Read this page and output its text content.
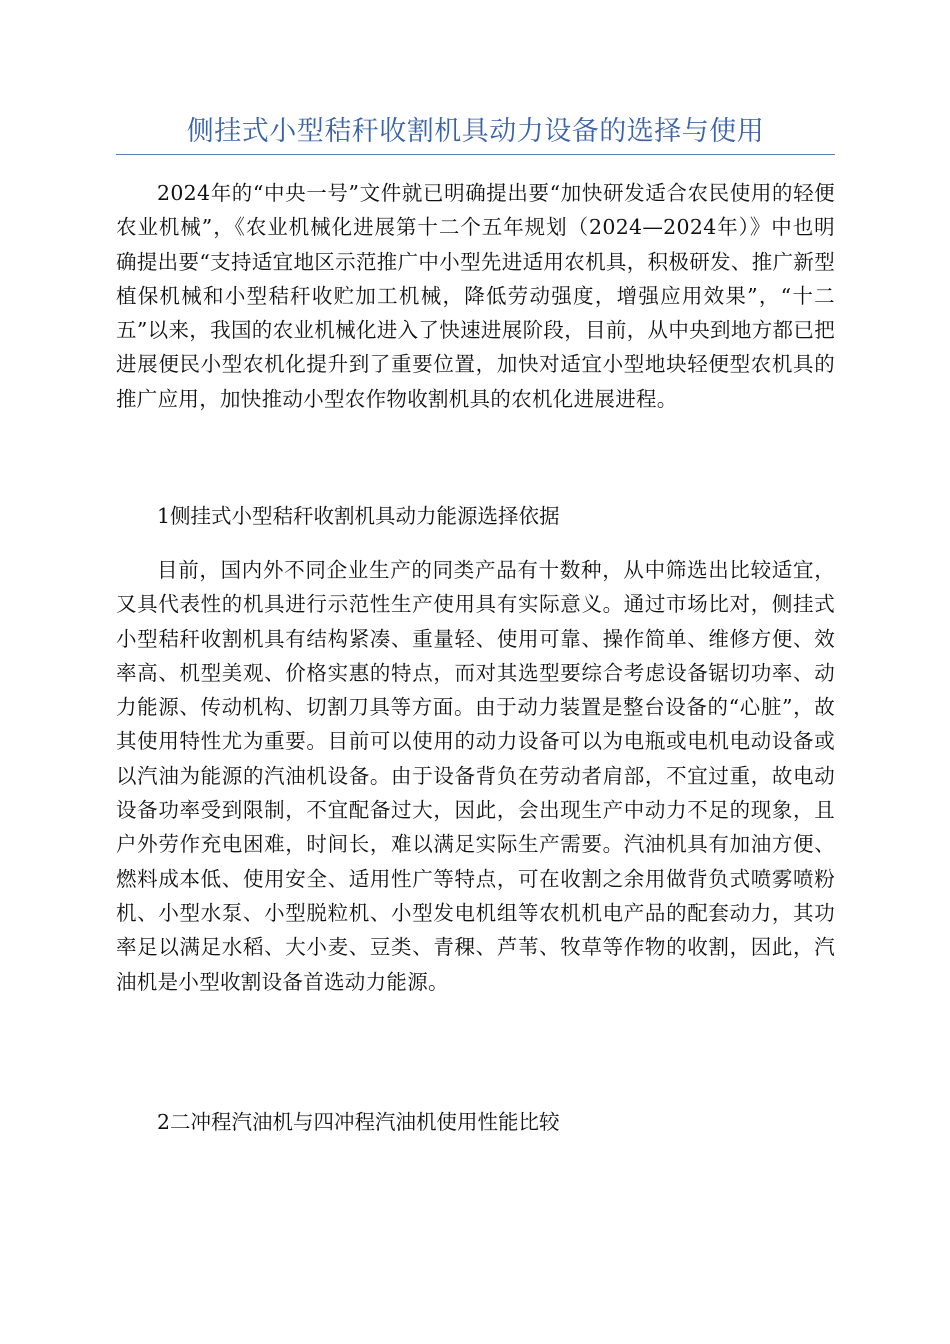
侧挂式小型秸秆收割机具动力设备的选择与使用

2024年的“中央一号”文件就已明确提出要“加快研发适合农民使用的轻便农业机械”，《农业机械化进展第十二个五年规划（2024—2024年）》中也明确提出要“支持适宜地区示范推广中小型先进适用农机具，积极研发、推广新型植保机械和小型秸秆收贮加工机械，降低劳动强度，增强应用效果”，“十二五”以来，我国的农业机械化进入了快速进展阶段，目前，从中央到地方都已把进展便民小型农机化提升到了重要位置，加快对适宜小型地块轻便型农机具的推广应用，加快推动小型农作物收割机具的农机化进展进程。

1侧挂式小型秸秆收割机具动力能源选择依据

目前，国内外不同企业生产的同类产品有十数种，从中筛选出比较适宜，又具代表性的机具进行示范性生产使用具有实际意义。通过市场比对，侧挂式小型秸秆收割机具有结构紧凑、重量轻、使用可靠、操作简单、维修方便、效率高、机型美观、价格实惠的特点，而对其选型要综合考虑设备锯切功率、动力能源、传动机构、切割刀具等方面。由于动力装置是整台设备的“心脏”，故其使用特性尤为重要。目前可以使用的动力设备可以为电瓶或电机电动设备或以汽油为能源的汽油机设备。由于设备背负在劳动者肩部，不宜过重，故电动设备功率受到限制，不宜配备过大，因此，会出现生产中动力不足的现象，且户外劳作充电困难，时间长，难以满足实际生产需要。汽油机具有加油方便、燃料成本低、使用安全、适用性广等特点，可在收割之余用做背负式喷雾喷粉机、小型水泵、小型脱粒机、小型发电机组等农机机电产品的配套动力，其功率足以满足水稻、大小麦、豆类、青稞、芦苇、牧草等作物的收割，因此，汽油机是小型收割设备首选动力能源。

2二冲程汽油机与四冲程汽油机使用性能比较
